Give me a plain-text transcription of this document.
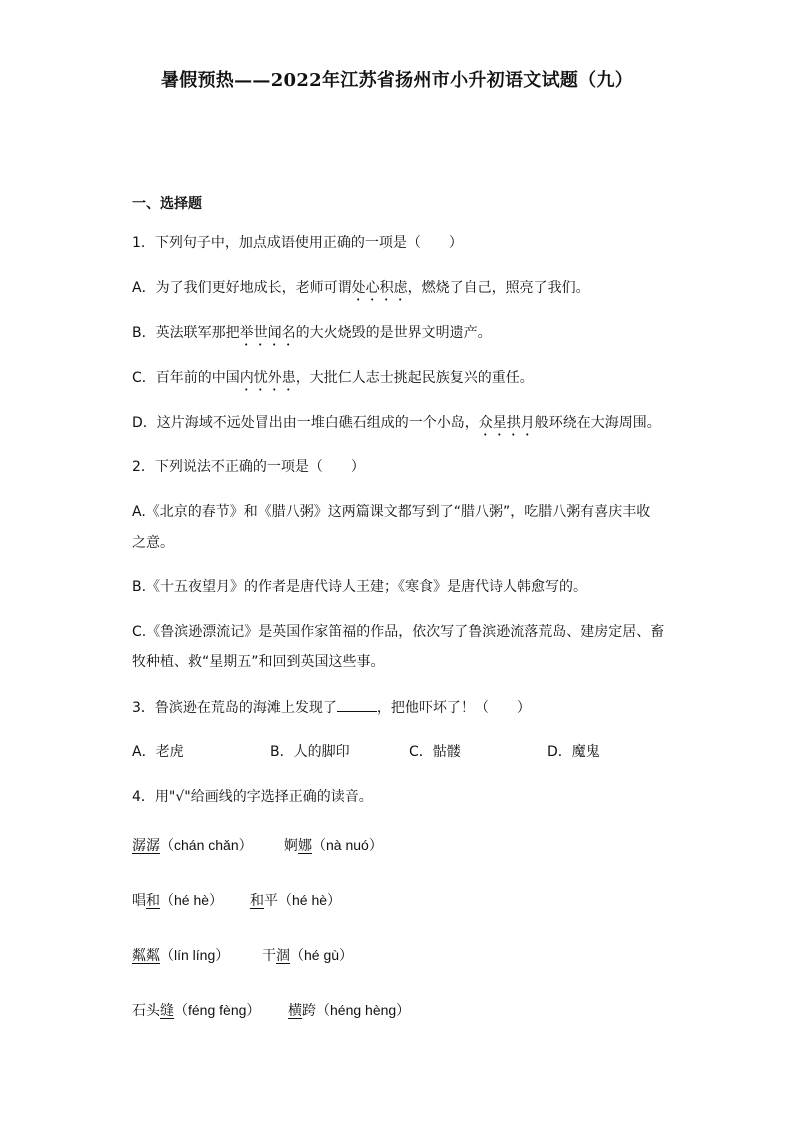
暑假预热——2022年江苏省扬州市小升初语文试题（九）
一、选择题
1．下列句子中，加点成语使用正确的一项是（　　）
A．为了我们更好地成长，老师可谓处心积虑，燃烧了自己，照亮了我们。
B．英法联军那把举世闻名的大火烧毁的是世界文明遗产。
C．百年前的中国内忧外患，大批仁人志士挑起民族复兴的重任。
D．这片海域不远处冒出由一堆白礁石组成的一个小岛，众星拱月般环绕在大海周围。
2．下列说法不正确的一项是（　　）
A.《北京的春节》和《腊八粥》这两篇课文都写到了“腊八粥”，吃腊八粥有喜庆丰收
之意。
B.《十五夜望月》的作者是唐代诗人王建；《寒食》是唐代诗人韩愈写的。
C.《鲁滨逊漂流记》是英国作家笛福的作品，依次写了鲁滨逊流落荒岛、建房定居、畜
牧种植、救“星期五”和回到英国这些事。
3．鲁滨逊在荒岛的海滩上发现了	，把他吓坏了！（　　）
A．老虎	B．人的脚印	C．骷髅	D．魔鬼
4．用"√"给画线的字选择正确的读音。
潺潺（chán chǎn） 婀娜（nà nuó）
唱和（hé hè） 和平（hé hè）
粼粼（lín líng） 干涸（hé gù）
石头缝（féng fèng） 横跨（héng hèng）
